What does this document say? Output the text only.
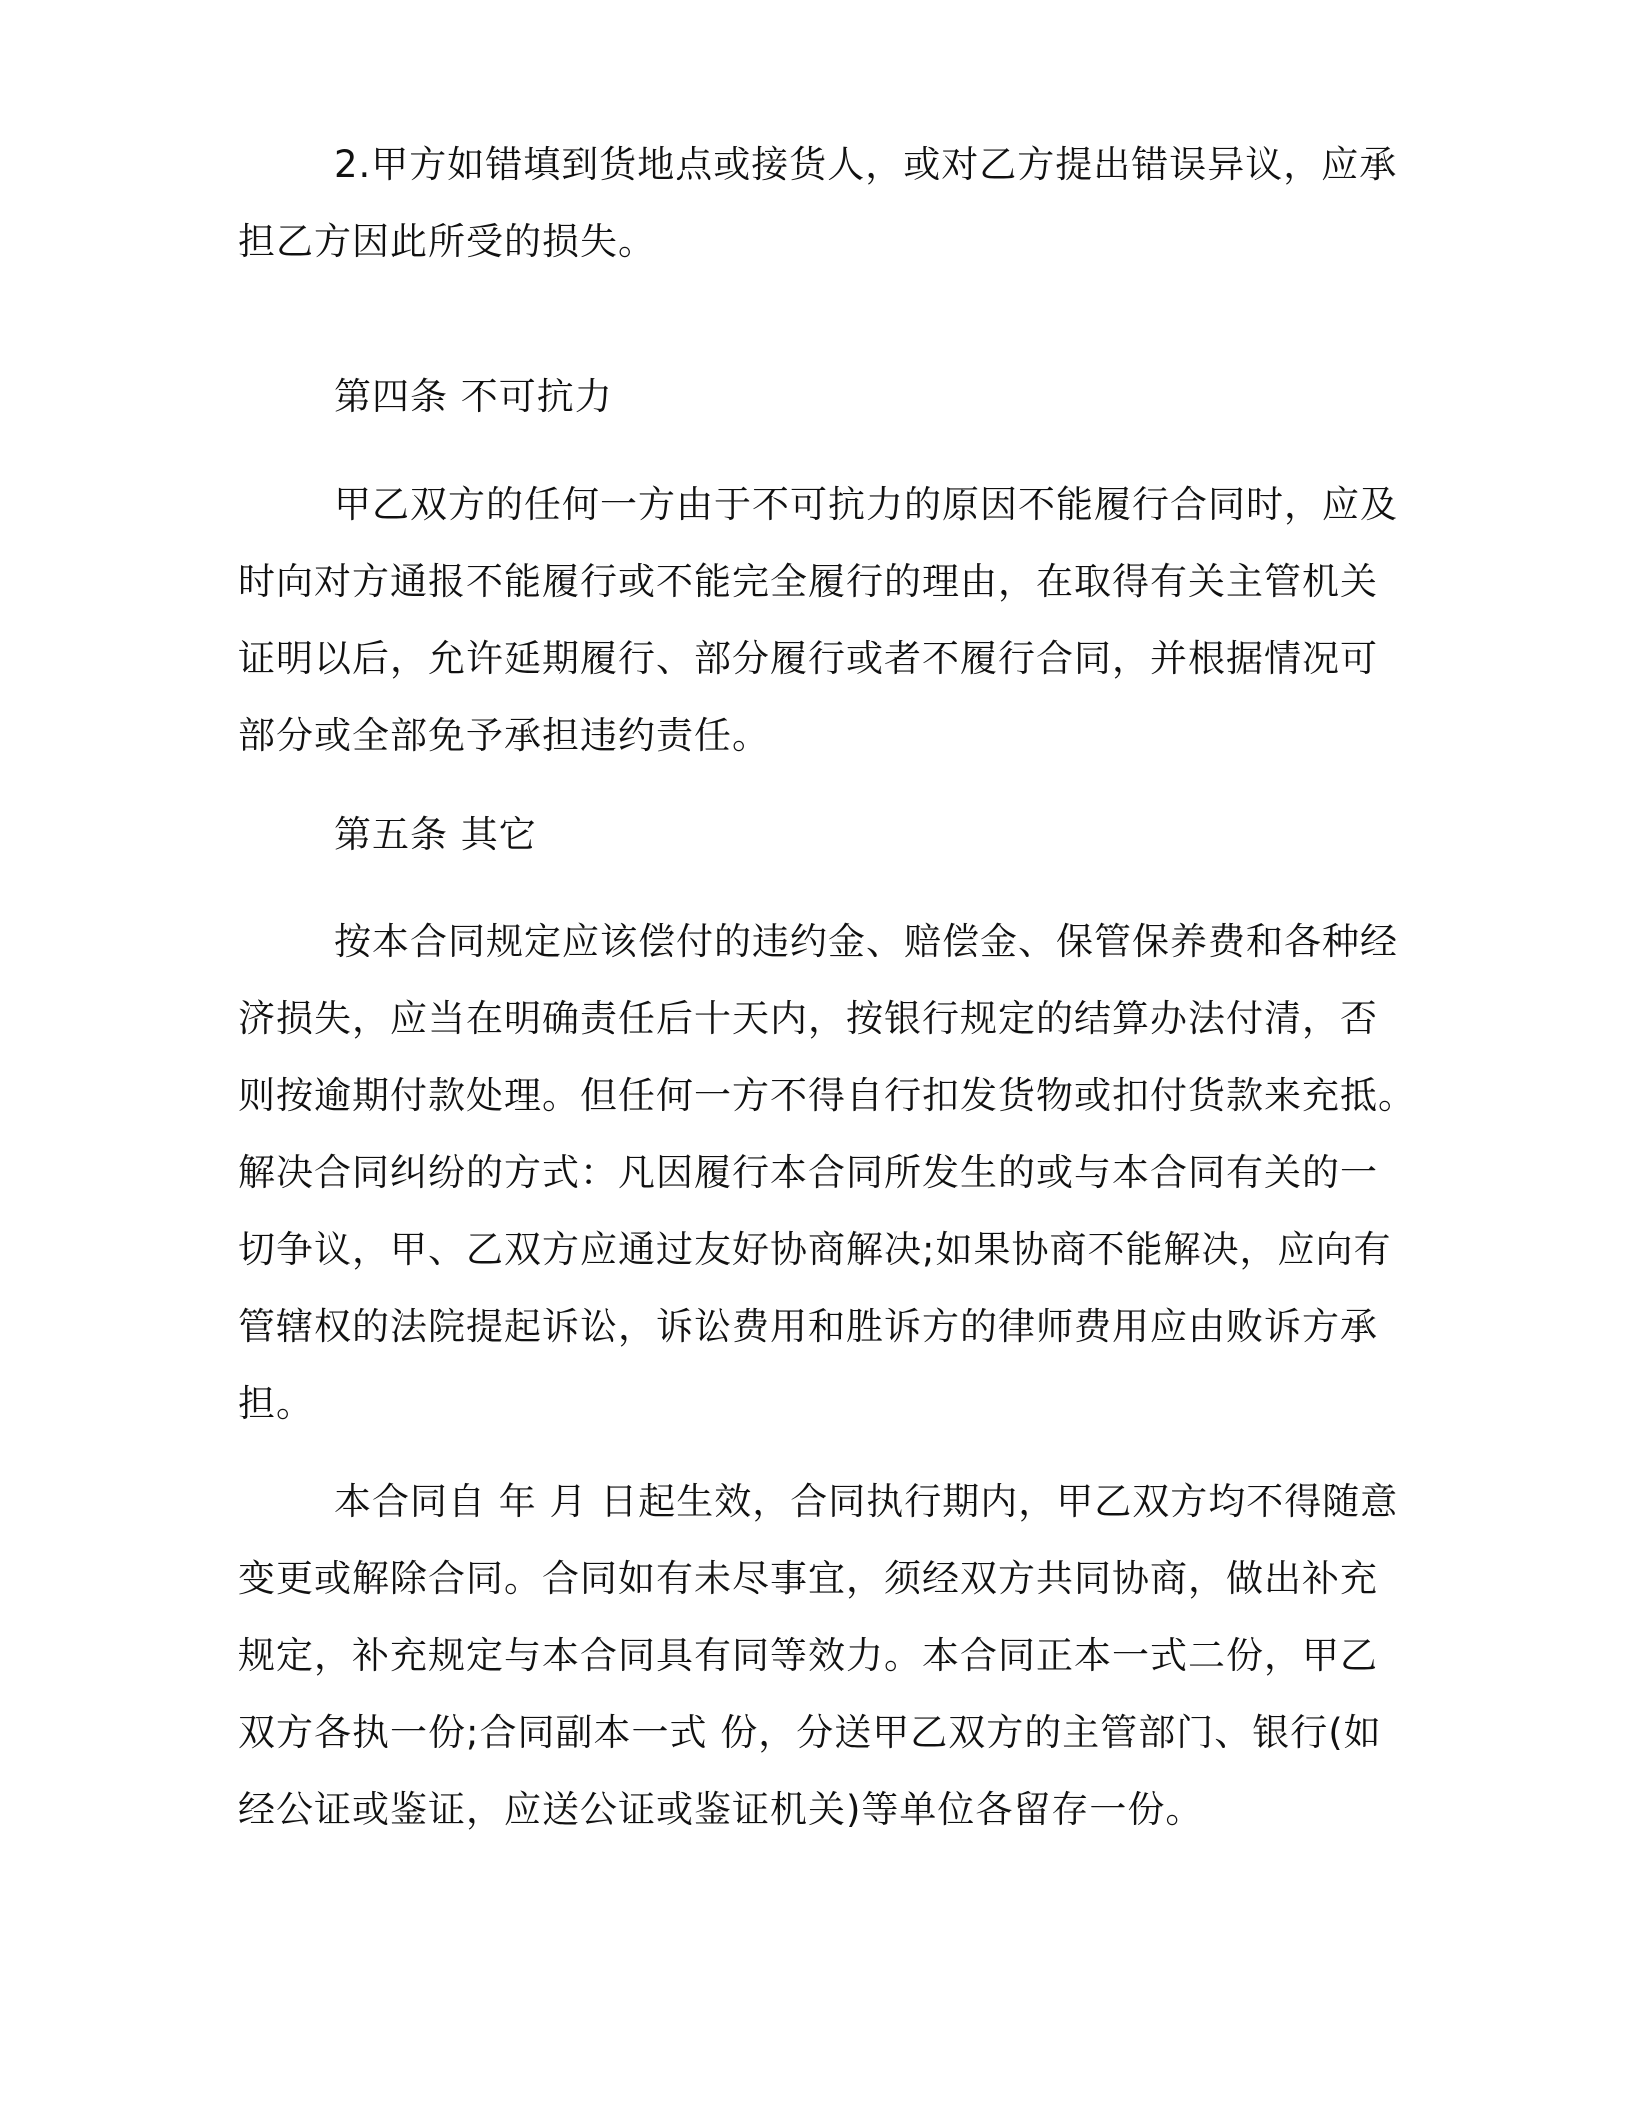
2.甲方如错填到货地点或接货人，或对乙方提出错误异议，应承
担乙方因此所受的损失。
第四条 不可抗力
甲乙双方的任何一方由于不可抗力的原因不能履行合同时，应及
时向对方通报不能履行或不能完全履行的理由，在取得有关主管机关
证明以后，允许延期履行、部分履行或者不履行合同，并根据情况可
部分或全部免予承担违约责任。
第五条 其它
按本合同规定应该偿付的违约金、赔偿金、保管保养费和各种经
济损失，应当在明确责任后十天内，按银行规定的结算办法付清，否
则按逾期付款处理。但任何一方不得自行扣发货物或扣付货款来充抵。
解决合同纠纷的方式：凡因履行本合同所发生的或与本合同有关的一
切争议，甲、乙双方应通过友好协商解决;如果协商不能解决，应向有
管辖权的法院提起诉讼，诉讼费用和胜诉方的律师费用应由败诉方承
担。
本合同自 年 月 日起生效，合同执行期内，甲乙双方均不得随意
变更或解除合同。合同如有未尽事宜，须经双方共同协商，做出补充
规定，补充规定与本合同具有同等效力。本合同正本一式二份，甲乙
双方各执一份;合同副本一式 份，分送甲乙双方的主管部门、银行(如
经公证或鉴证，应送公证或鉴证机关)等单位各留存一份。
